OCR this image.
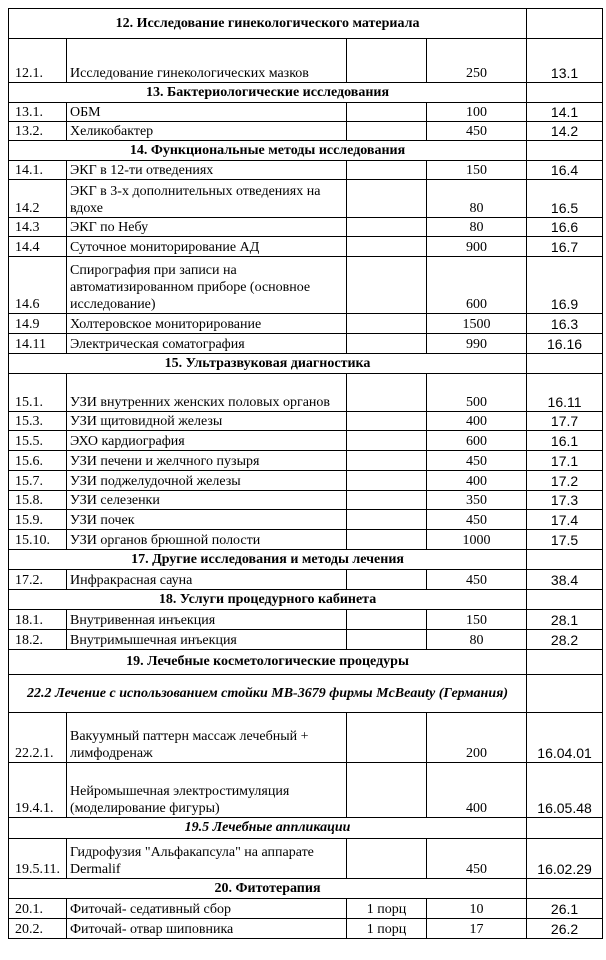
12. Исследование гинекологического материала				
12.1.	Исследование гинекологических мазков		250	13.1
13. Бактериологические исследования				
13.1.	ОБМ		100	14.1
13.2.	Хеликобактер		450	14.2
14. Функциональные методы исследования				
14.1.	ЭКГ в 12-ти отведениях		150	16.4
14.2	ЭКГ в 3-х дополнительных отведениях на вдохе		80	16.5
14.3	ЭКГ по Небу		80	16.6
14.4	Суточное мониторирование АД		900	16.7
14.6	Спирография при записи на автоматизированном приборе (основное исследование)		600	16.9
14.9	Холтеровское мониторирование		1500	16.3
14.11	Электрическая соматография		990	16.16
15. Ультразвуковая диагностика				
15.1.	УЗИ внутренних женских половых органов		500	16.11
15.3.	УЗИ щитовидной железы		400	17.7
15.5.	ЭХО кардиография		600	16.1
15.6.	УЗИ печени и желчного пузыря		450	17.1
15.7.	УЗИ поджелудочной железы		400	17.2
15.8.	УЗИ селезенки		350	17.3
15.9.	УЗИ почек		450	17.4
15.10.	УЗИ органов брюшной полости		1000	17.5
17. Другие исследования и методы лечения				
17.2.	Инфракрасная сауна		450	38.4
18. Услуги процедурного кабинета				
18.1.	Внутривенная инъекция		150	28.1
18.2.	Внутримышечная инъекция		80	28.2
19. Лечебные косметологические процедуры				
22.2 Лечение с использованием стойки МВ-3679 фирмы McBeauty (Германия)				
22.2.1.	Вакуумный паттерн массаж лечебный + лимфодренаж		200	16.04.01
19.4.1.	Нейромышечная электростимуляция (моделирование фигуры)		400	16.05.48
19.5 Лечебные аппликации				
19.5.11.	Гидрофузия "Альфакапсула" на аппарате Dermalif		450	16.02.29
20. Фитотерапия				
20.1.	Фиточай- седативный сбор	1 порц	10	26.1
20.2.	Фиточай- отвар шиповника	1 порц	17	26.2
